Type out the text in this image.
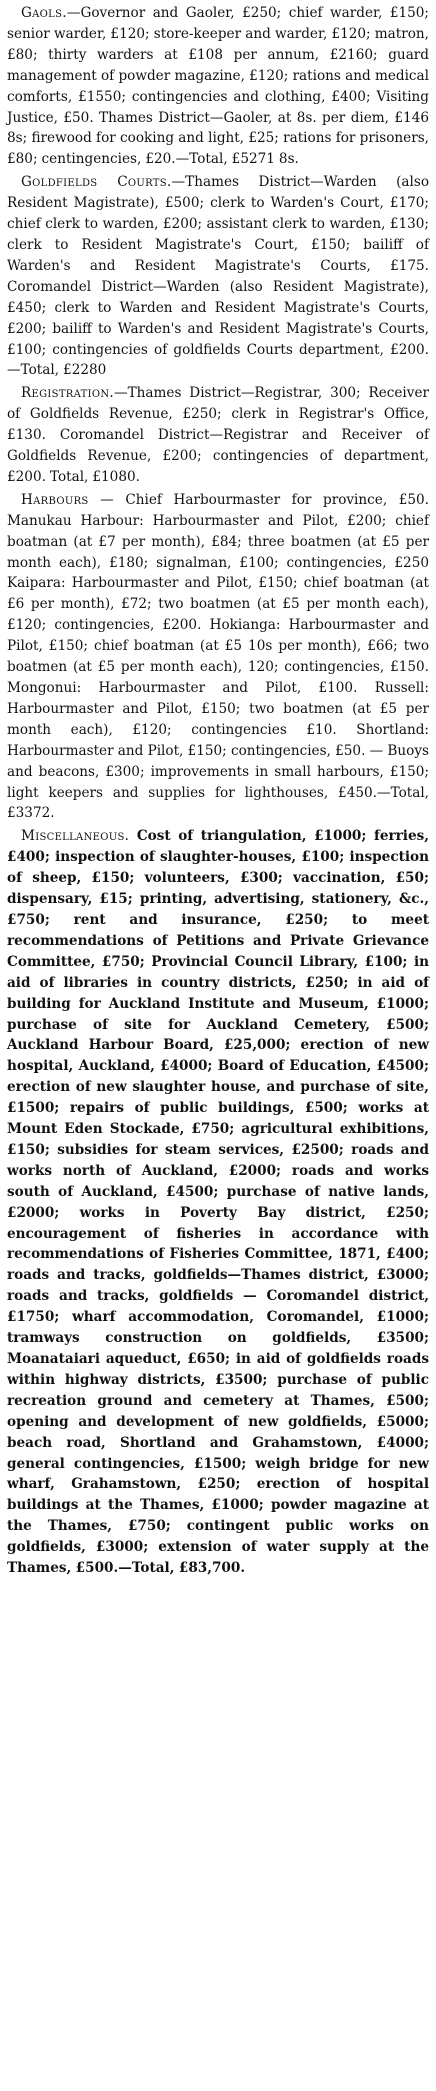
Gaols.—Governor and Gaoler, £250; chief warder, £150; senior warder, £120; store-keeper and warder, £120; matron, £80; thirty warders at £108 per annum, £2160; guard management of powder magazine, £120; rations and medical comforts, £1550; contingencies and clothing, £400; Visiting Justice, £50. Thames District—Gaoler, at 8s. per diem, £146 8s; firewood for cooking and light, £25; rations for prisoners, £80; centingencies, £20.—Total, £5271 8s.

Goldfields Courts.—Thames District—Warden (also Resident Magistrate), £500; clerk to Warden's Court, £170; chief clerk to warden, £200; assistant clerk to warden, £130; clerk to Resident Magistrate's Court, £150; bailiff of Warden's and Resident Magistrate's Courts, £175. Coromandel District—Warden (also Resident Magistrate), £450; clerk to Warden and Resident Magistrate's Courts, £200; bailiff to Warden's and Resident Magistrate's Courts, £100; contingencies of goldfields Courts department, £200.—Total, £2280

Registration.—Thames District—Registrar, 300; Receiver of Goldfields Revenue, £250; clerk in Registrar's Office, £130. Coromandel District—Registrar and Receiver of Goldfields Revenue, £200; contingencies of department, £200. Total, £1080.

Harbours — Chief Harbourmaster for province, £50. Manukau Harbour: Harbourmaster and Pilot, £200; chief boatman (at £7 per month), £84; three boatmen (at £5 per month each), £180; signalman, £100; contingencies, £250 Kaipara: Harbourmaster and Pilot, £150; chief boatman (at £6 per month), £72; two boatmen (at £5 per month each), £120; contingencies, £200. Hokianga: Harbourmaster and Pilot, £150; chief boatman (at £5 10s per month), £66; two boatmen (at £5 per month each), 120; contingencies, £150. Mongonui: Harbourmaster and Pilot, £100. Russell: Harbourmaster and Pilot, £150; two boatmen (at £5 per month each), £120; contingencies £10. Shortland: Harbourmaster and Pilot, £150; contingencies, £50. — Buoys and beacons, £300; improvements in small harbours, £150; light keepers and supplies for lighthouses, £450.—Total, £3372.

Miscellaneous. Cost of triangulation, £1000; ferries, £400; inspection of slaughter-houses, £100; inspection of sheep, £150; volunteers, £300; vaccination, £50; dispensary, £15; printing, advertising, stationery, &c., £750; rent and insurance, £250; to meet recommendations of Petitions and Private Grievance Committee, £750; Provincial Council Library, £100; in aid of libraries in country districts, £250; in aid of building for Auckland Institute and Museum, £1000; purchase of site for Auckland Cemetery, £500; Auckland Harbour Board, £25,000; erection of new hospital, Auckland, £4000; Board of Education, £4500; erection of new slaughter house, and purchase of site, £1500; repairs of public buildings, £500; works at Mount Eden Stockade, £750; agricultural exhibitions, £150; subsidies for steam services, £2500; roads and works north of Auckland, £2000; roads and works south of Auckland, £4500; purchase of native lands, £2000; works in Poverty Bay district, £250; encouragement of fisheries in accordance with recommendations of Fisheries Committee, 1871, £400; roads and tracks, goldfields—Thames district, £3000; roads and tracks, goldfields — Coromandel district, £1750; wharf accommodation, Coromandel, £1000; tramways construction on goldfields, £3500; Moanataiari aqueduct, £650; in aid of goldfields roads within highway districts, £3500; purchase of public recreation ground and cemetery at Thames, £500; opening and development of new goldfields, £5000; beach road, Shortland and Grahamstown, £4000; general contingencies, £1500; weigh bridge for new wharf, Grahamstown, £250; erection of hospital buildings at the Thames, £1000; powder magazine at the Thames, £750; contingent public works on goldfields, £3000; extension of water supply at the Thames, £500.—Total, £83,700.
